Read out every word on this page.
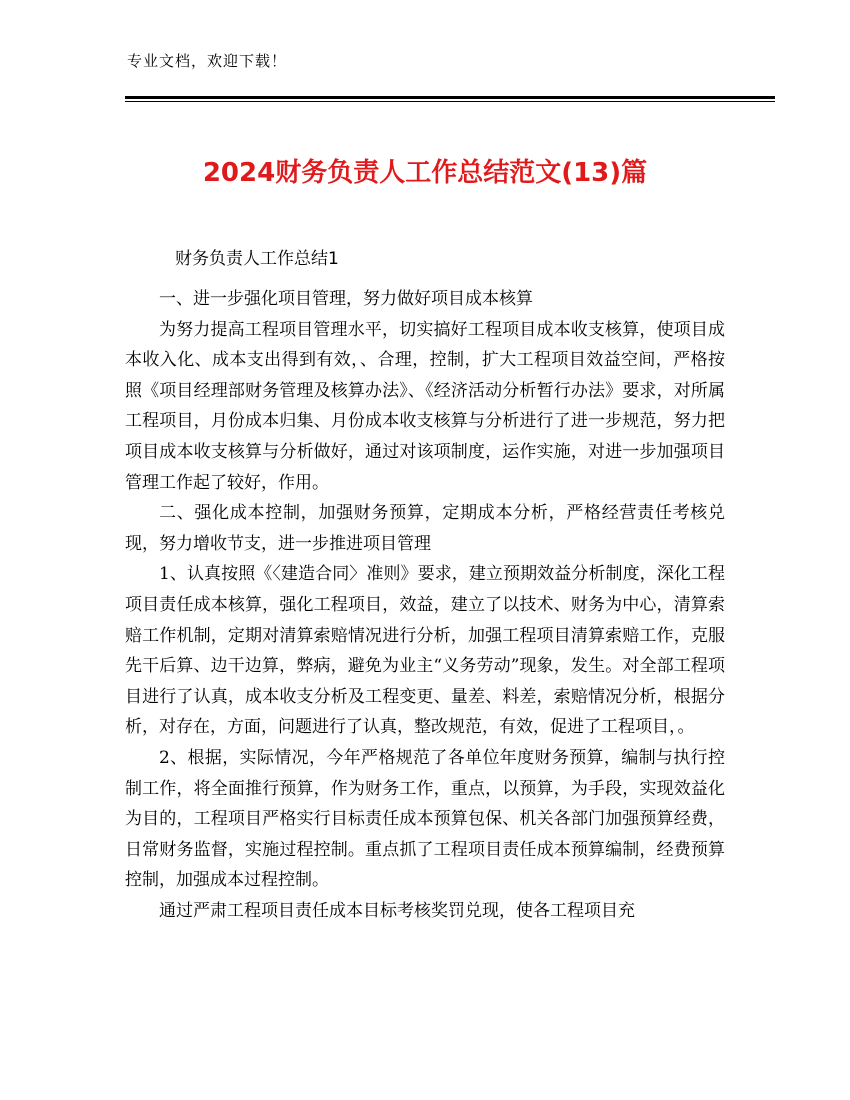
专业文档，欢迎下载！
2024财务负责人工作总结范文(13)篇
财务负责人工作总结1

一、进一步强化项目管理，努力做好项目成本核算

为努力提高工程项目管理水平，切实搞好工程项目成本收支核算，使项目成本收入化、成本支出得到有效，、合理，控制，扩大工程项目效益空间，严格按照《项目经理部财务管理及核算办法》、《经济活动分析暂行办法》要求，对所属工程项目，月份成本归集、月份成本收支核算与分析进行了进一步规范，努力把项目成本收支核算与分析做好，通过对该项制度，运作实施，对进一步加强项目管理工作起了较好，作用。

二、强化成本控制，加强财务预算，定期成本分析，严格经营责任考核兑现，努力增收节支，进一步推进项目管理

1、认真按照《〈建造合同〉准则》要求，建立预期效益分析制度，深化工程项目责任成本核算，强化工程项目，效益，建立了以技术、财务为中心，清算索赔工作机制，定期对清算索赔情况进行分析，加强工程项目清算索赔工作，克服先干后算、边干边算，弊病，避免为业主“义务劳动”现象，发生。对全部工程项目进行了认真，成本收支分析及工程变更、量差、料差，索赔情况分析，根据分析，对存在，方面，问题进行了认真，整改规范，有效，促进了工程项目，。

2、根据，实际情况，今年严格规范了各单位年度财务预算，编制与执行控制工作，将全面推行预算，作为财务工作，重点，以预算，为手段，实现效益化为目的，工程项目严格实行目标责任成本预算包保、机关各部门加强预算经费，日常财务监督，实施过程控制。重点抓了工程项目责任成本预算编制，经费预算控制，加强成本过程控制。

通过严肃工程项目责任成本目标考核奖罚兑现，使各工程项目充
